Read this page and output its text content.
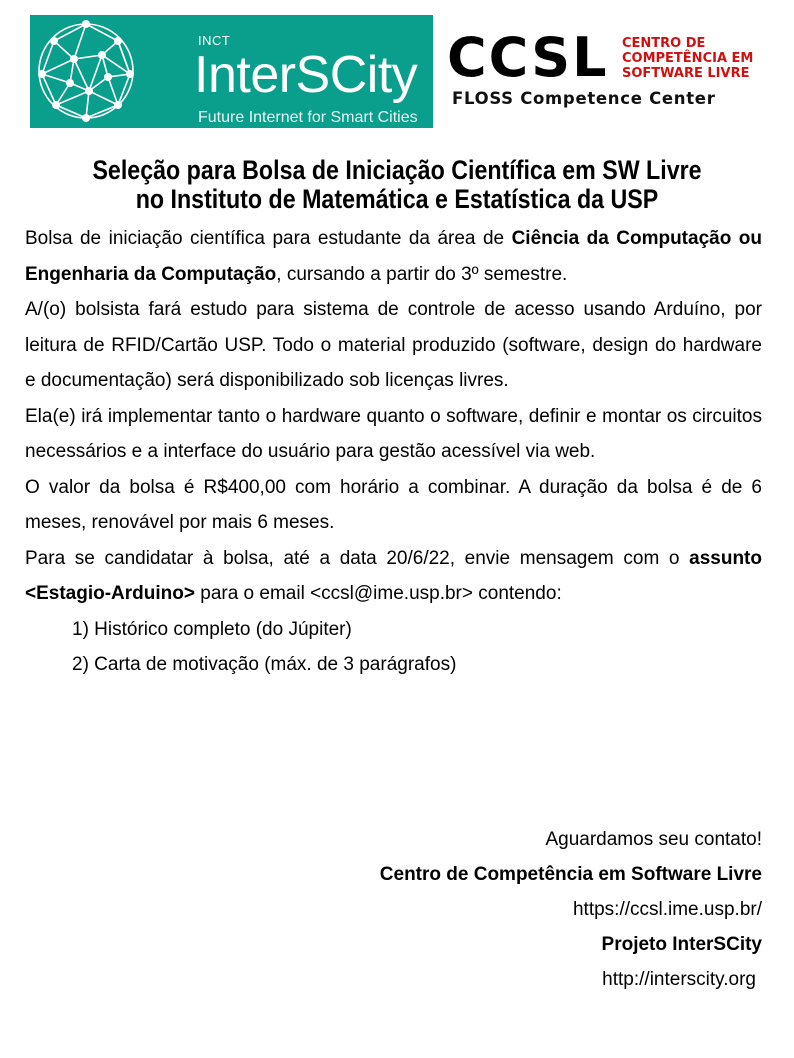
INCT
InterSCity
Future Internet for Smart Cities
CCSL CENTRO DE
COMPETÊNCIA EM
SOFTWARE LIVRE
FLOSS Competence Center
Seleção para Bolsa de Iniciação Científica em SW Livre
no Instituto de Matemática e Estatística da USP

Bolsa de iniciação científica para estudante da área de Ciência da Computação ou Engenharia da Computação, cursando a partir do 3º semestre.

A/(o) bolsista fará estudo para sistema de controle de acesso usando Arduíno, por leitura de RFID/Cartão USP. Todo o material produzido (software, design do hardware e documentação) será disponibilizado sob licenças livres.

Ela(e) irá implementar tanto o hardware quanto o software, definir e montar os circuitos necessários e a interface do usuário para gestão acessível via web.

O valor da bolsa é R$400,00 com horário a combinar. A duração da bolsa é de 6 meses, renovável por mais 6 meses.

Para se candidatar à bolsa, até a data 20/6/22, envie mensagem com o assunto <Estagio-Arduino> para o email <ccsl@ime.usp.br> contendo:

1) Histórico completo (do Júpiter)
2) Carta de motivação (máx. de 3 parágrafos)
Aguardamos seu contato!
Centro de Competência em Software Livre
https://ccsl.ime.usp.br/
Projeto InterSCity
http://interscity.org
